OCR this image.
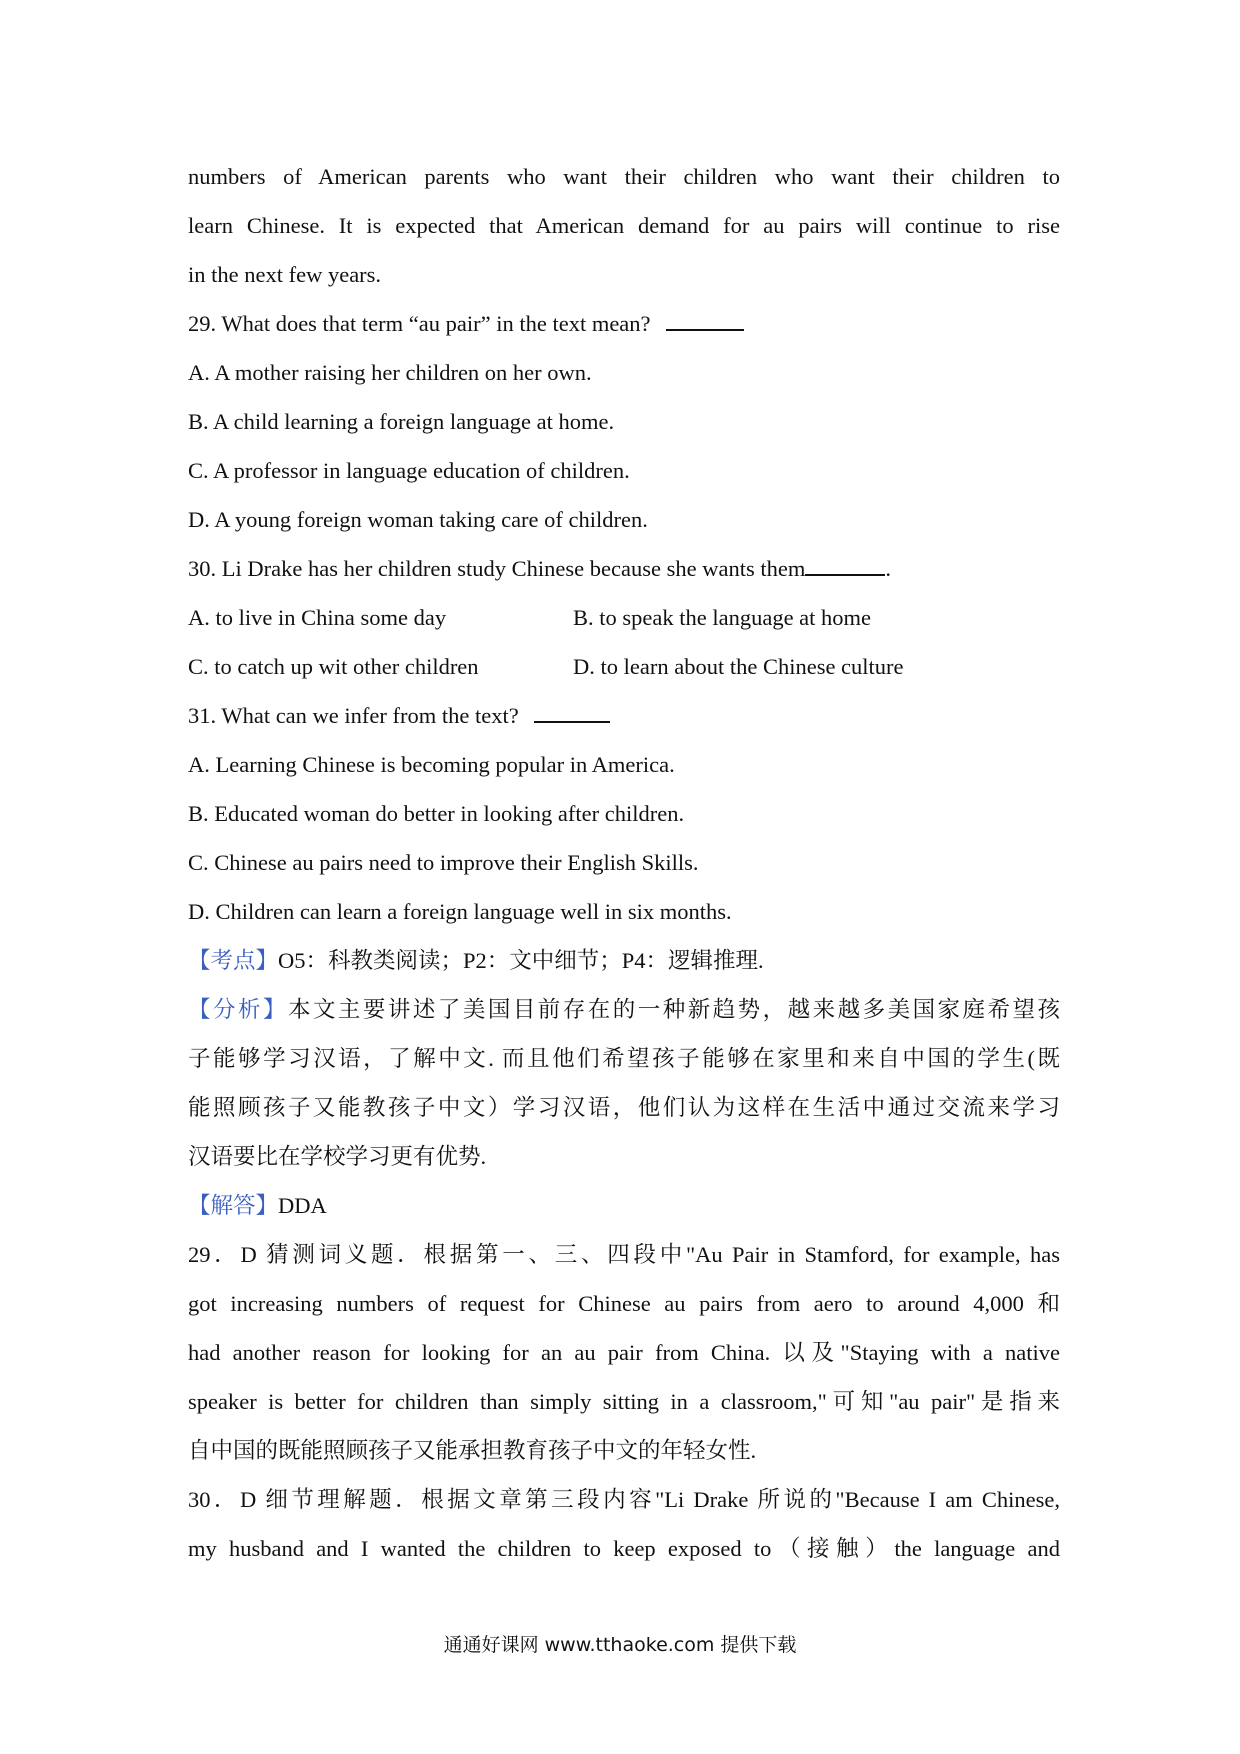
numbers of American parents who want their children who want their children to
learn Chinese. It is expected that American demand for au pairs will continue to rise
in the next few years.
29. What does that term “au pair” in the text mean?
A. A mother raising her children on her own.
B. A child learning a foreign language at home.
C. A professor in language education of children.
D. A young foreign woman taking care of children.
30. Li Drake has her children study Chinese because she wants them	.
A. to live in China some day	B. to speak the language at home
C. to catch up wit other children	D. to learn about the Chinese culture
31. What can we infer from the text?
A. Learning Chinese is becoming popular in America.
B. Educated woman do better in looking after children.
C. Chinese au pairs need to improve their English Skills.
D. Children can learn a foreign language well in six months.
【考点】O5：科教类阅读；P2：文中细节；P4：逻辑推理.
【分析】本文主要讲述了美国目前存在的一种新趋势，越来越多美国家庭希望孩
子能够学习汉语，了解中文. 而且他们希望孩子能够在家里和来自中国的学生(既
能照顾孩子又能教孩子中文）学习汉语，他们认为这样在生活中通过交流来学习
汉语要比在学校学习更有优势.
【解答】DDA
29．D 猜测词义题．根据第一、三、四段中"Au Pair in Stamford, for example, has
got increasing numbers of request for Chinese au pairs from aero to around 4,000 和
had another reason for looking for an au pair from China. 以及"Staying with a native
speaker is better for children than simply sitting in a classroom,"可知"au pair"是指来
自中国的既能照顾孩子又能承担教育孩子中文的年轻女性.
30．D 细节理解题．根据文章第三段内容"Li Drake 所说的"Because I am Chinese,
my husband and I wanted the children to keep exposed to（接触）the language and
通通好课网 www.tthaoke.com 提供下载
